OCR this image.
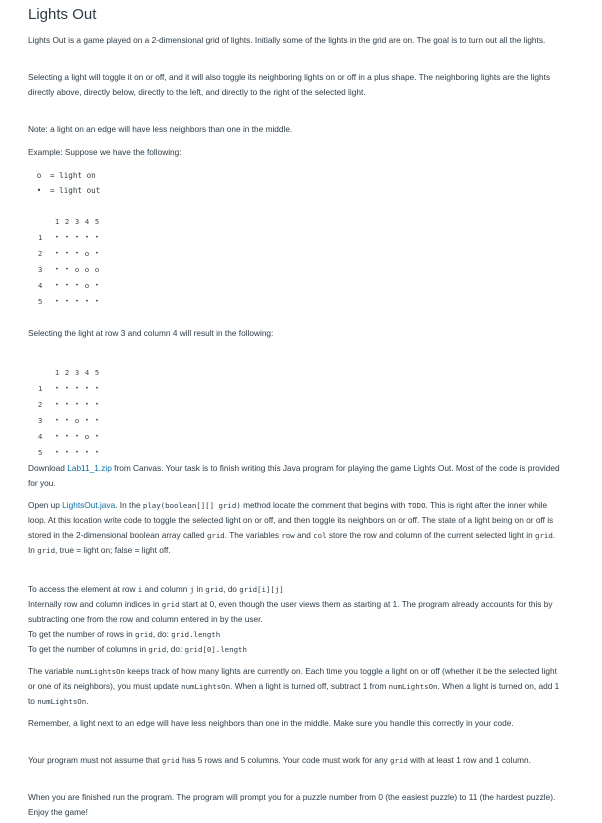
Lights Out

Lights Out is a game played on a 2-dimensional grid of lights. Initially some of the lights in the grid are on. The goal is to turn out all the lights.

Selecting a light will toggle it on or off, and it will also toggle its neighboring lights on or off in a plus shape. The neighboring lights are the lights directly above, directly below, directly to the left, and directly to the right of the selected light.

Note: a light on an edge will have less neighbors than one in the middle.

Example: Suppose we have the following:

o	= light on
•	= light out
1 2 3 4 5
1	• • • • •
2	• • • o •
3	• • o o o
4	• • • o •
5	• • • • •

Selecting the light at row 3 and column 4 will result in the following:

1 2 3 4 5
1	• • • • •
2	• • • • •
3	• • o • •
4	• • • o •
5	• • • • •

Download Lab11_1.zip from Canvas. Your task is to finish writing this Java program for playing the game Lights Out. Most of the code is provided for you.

Open up LightsOut.java. In the play(boolean[][] grid) method locate the comment that begins with TODO. This is right after the inner while loop. At this location write code to toggle the selected light on or off, and then toggle its neighbors on or off. The state of a light being on or off is stored in the 2-dimensional boolean array called grid. The variables row and col store the row and column of the current selected light in grid. In grid, true = light on; false = light off.

To access the element at row i and column j in grid, do grid[i][j]
Internally row and column indices in grid start at 0, even though the user views them as starting at 1. The program already accounts for this by subtracting one from the row and column entered in by the user.
To get the number of rows in grid, do: grid.length
To get the number of columns in grid, do: grid[0].length

The variable numLightsOn keeps track of how many lights are currently on. Each time you toggle a light on or off (whether it be the selected light or one of its neighbors), you must update numLightsOn. When a light is turned off, subtract 1 from numLightsOn. When a light is turned on, add 1 to numLightsOn.

Remember, a light next to an edge will have less neighbors than one in the middle. Make sure you handle this correctly in your code.

Your program must not assume that grid has 5 rows and 5 columns. Your code must work for any grid with at least 1 row and 1 column.

When you are finished run the program. The program will prompt you for a puzzle number from 0 (the easiest puzzle) to 11 (the hardest puzzle). Enjoy the game!
